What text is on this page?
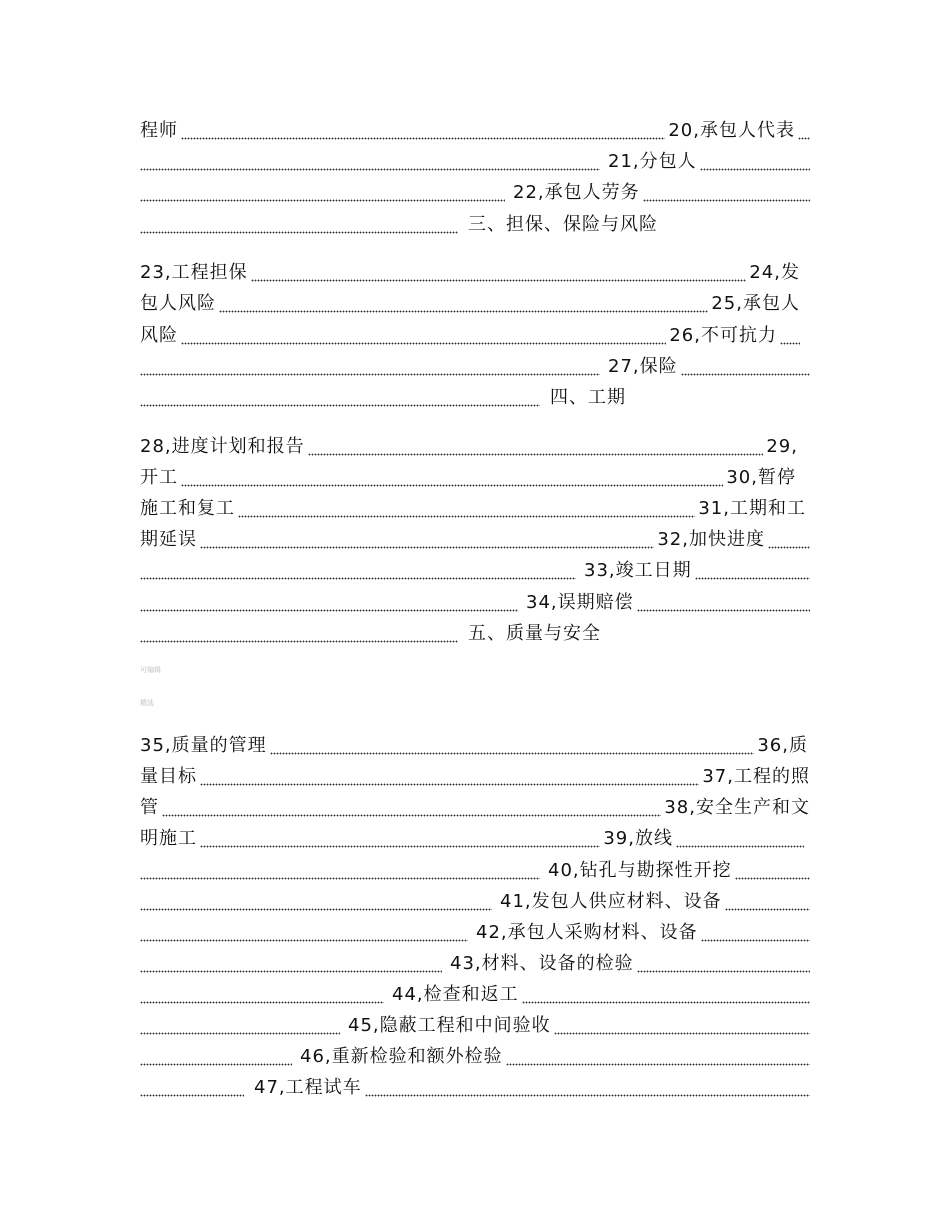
程师	20,承包人代表
21,分包人
22,承包人劳务
三、担保、保险与风险
23,工程担保	24,发
包人风险	25,承包人
风险	26,不可抗力
27,保险
四、工期
28,进度计划和报告	29,
开工	30,暂停
施工和复工	31,工期和工
期延误	32,加快进度
33,竣工日期
34,误期赔偿
五、质量与安全
可编辑
精选
35,质量的管理	36,质
量目标	37,工程的照
管	38,安全生产和文
明施工	39,放线
40,钻孔与勘探性开挖
41,发包人供应材料、设备
42,承包人采购材料、设备
43,材料、设备的检验
44,检查和返工
45,隐蔽工程和中间验收
46,重新检验和额外检验
47,工程试车
